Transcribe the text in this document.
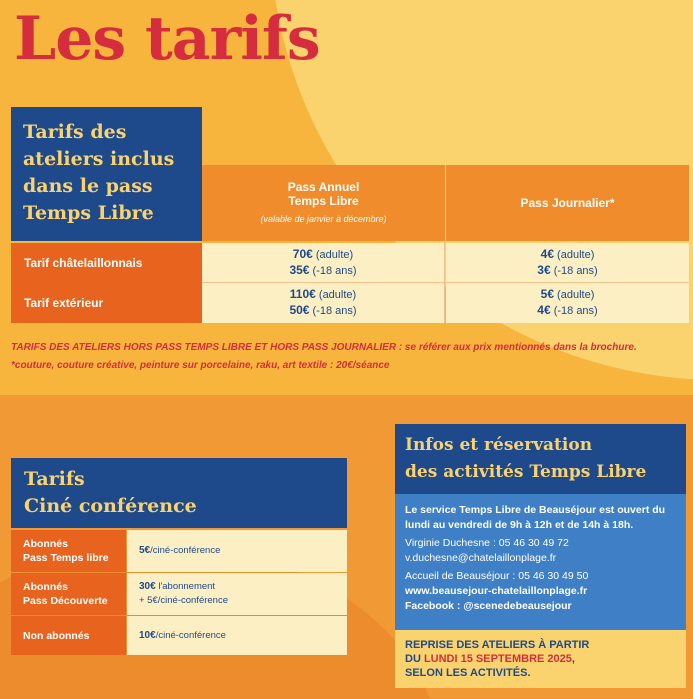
Les tarifs
Tarifs des
ateliers inclus
dans le pass
Temps Libre
Pass Annuel
Temps Libre
(valable de janvier à décembre)
Pass Journalier*
Tarif châtelaillonnais
70€ (adulte)
35€ (-18 ans)
4€ (adulte)
3€ (-18 ans)
Tarif extérieur
110€ (adulte)
50€ (-18 ans)
5€ (adulte)
4€ (-18 ans)
TARIFS DES ATELIERS HORS PASS TEMPS LIBRE ET HORS PASS JOURNALIER : se référer aux prix mentionnés dans la brochure.
*couture, couture créative, peinture sur porcelaine, raku, art textile : 20€/séance
Tarifs
Ciné conférence
Abonnés
Pass Temps libre
5€/ciné-conférence
Abonnés
Pass Découverte
30€ l'abonnement
+ 5€/ciné-conférence
Non abonnés	10€/ciné-conférence
Infos et réservation
des activités Temps Libre

Le service Temps Libre de Beauséjour est ouvert du lundi au vendredi de 9h à 12h et de 14h à 18h.

Virginie Duchesne : 05 46 30 49 72
v.duchesne@chatelaillonplage.fr

Accueil de Beauséjour : 05 46 30 49 50
www.beausejour-chatelaillonplage.fr
Facebook : @scenedebeausejour

REPRISE DES ATELIERS À PARTIR
DU LUNDI 15 SEPTEMBRE 2025,
SELON LES ACTIVITÉS.
